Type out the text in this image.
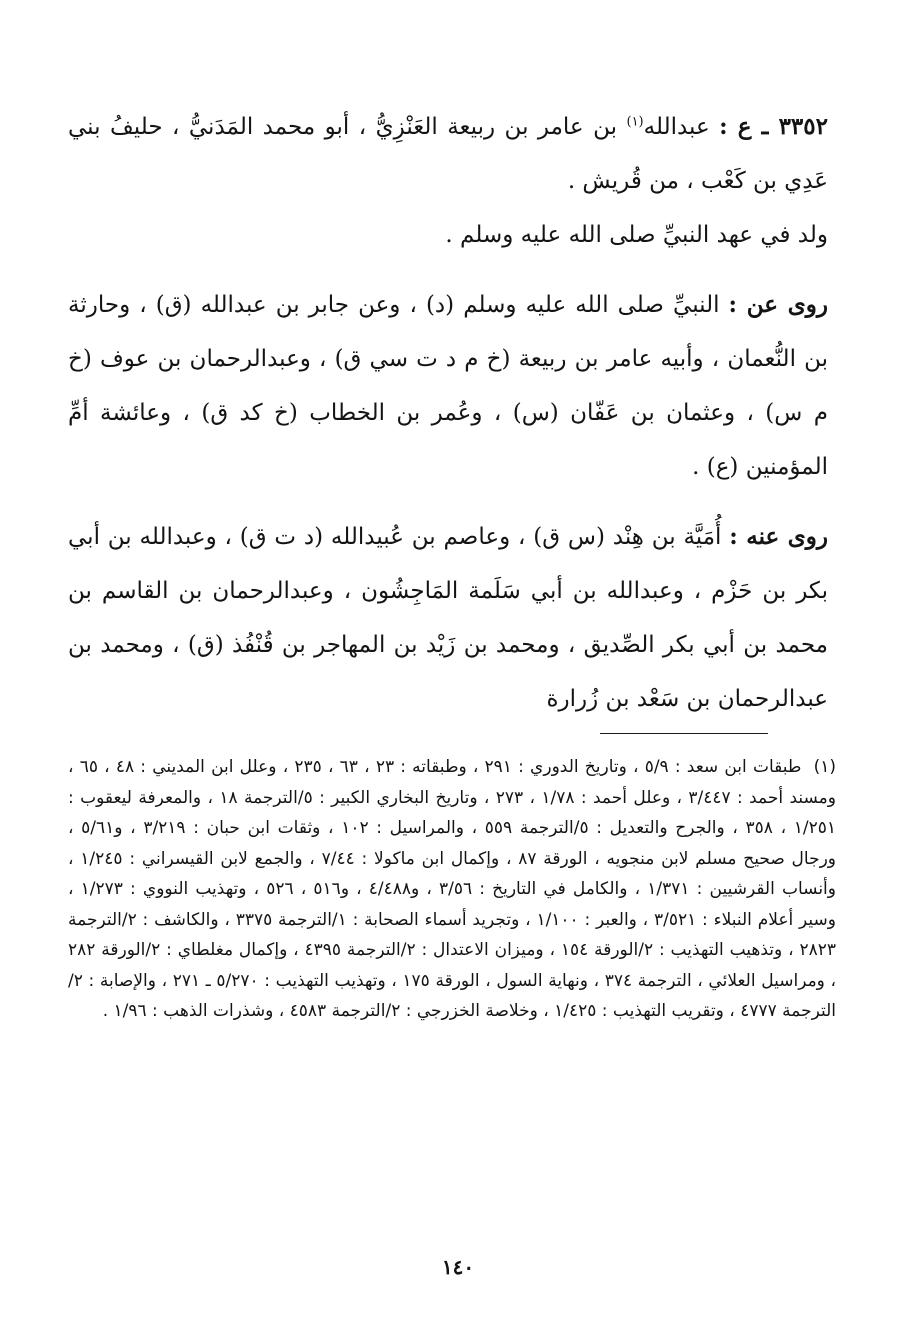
٣٣٥٢ ـ ع : عبدالله$^{(١)}$ بن عامر بن ربيعة العَنْزِيُّ ، أبو محمد المَدَنيُّ ، حليفُ بني عَدِي بن كَعْب ، من قُريش .

ولد في عهد النبيِّ صلى الله عليه وسلم .

روى عن : النبيِّ صلى الله عليه وسلم (د) ، وعن جابر بن عبدالله (ق) ، وحارثة بن النُّعمان ، وأبيه عامر بن ربيعة (خ م د ت سي ق) ، وعبدالرحمان بن عوف (خ م س) ، وعثمان بن عَفّان (س) ، وعُمر بن الخطاب (خ كد ق) ، وعائشة أمِّ المؤمنين (ع) .

روى عنه : أُمَيَّة بن هِنْد (س ق) ، وعاصم بن عُبيدالله (د ت ق) ، وعبدالله بن أبي بكر بن حَزْم ، وعبدالله بن أبي سَلَمة المَاجِشُون ، وعبدالرحمان بن القاسم بن محمد بن أبي بكر الصِّديق ، ومحمد بن زَيْد بن المهاجر بن قُنْفُذ (ق) ، ومحمد بن عبدالرحمان بن سَعْد بن زُرارة

(١) طبقات ابن سعد : ٥/٩ ، وتاريخ الدوري : ٢٩١ ، وطبقاته : ٢٣ ، ٦٣ ، ٢٣٥ ، وعلل ابن المديني : ٤٨ ، ٦٥ ، ومسند أحمد : ٣/٤٤٧ ، وعلل أحمد : ١/٧٨ ، ٢٧٣ ، وتاريخ البخاري الكبير : ٥/الترجمة ١٨ ، والمعرفة ليعقوب : ١/٢٥١ ، ٣٥٨ ، والجرح والتعديل : ٥/الترجمة ٥٥٩ ، والمراسيل : ١٠٢ ، وثقات ابن حبان : ٣/٢١٩ ، و٥/٦١ ، ورجال صحيح مسلم لابن منجويه ، الورقة ٨٧ ، وإكمال ابن ماكولا : ٧/٤٤ ، والجمع لابن القيسراني : ١/٢٤٥ ، وأنساب القرشيين : ١/٣٧١ ، والكامل في التاريخ : ٣/٥٦ ، و٤/٤٨٨ ، و٥١٦ ، ٥٢٦ ، وتهذيب النووي : ١/٢٧٣ ، وسير أعلام النبلاء : ٣/٥٢١ ، والعبر : ١/١٠٠ ، وتجريد أسماء الصحابة : ١/الترجمة ٣٣٧٥ ، والكاشف : ٢/الترجمة ٢٨٢٣ ، وتذهيب التهذيب : ٢/الورقة ١٥٤ ، وميزان الاعتدال : ٢/الترجمة ٤٣٩٥ ، وإكمال مغلطاي : ٢/الورقة ٢٨٢ ، ومراسيل العلائي ، الترجمة ٣٧٤ ، ونهاية السول ، الورقة ١٧٥ ، وتهذيب التهذيب : ٥/٢٧٠ ـ ٢٧١ ، والإصابة : ٢/الترجمة ٤٧٧٧ ، وتقريب التهذيب : ١/٤٢٥ ، وخلاصة الخزرجي : ٢/الترجمة ٤٥٨٣ ، وشذرات الذهب : ١/٩٦ .

١٤٠
